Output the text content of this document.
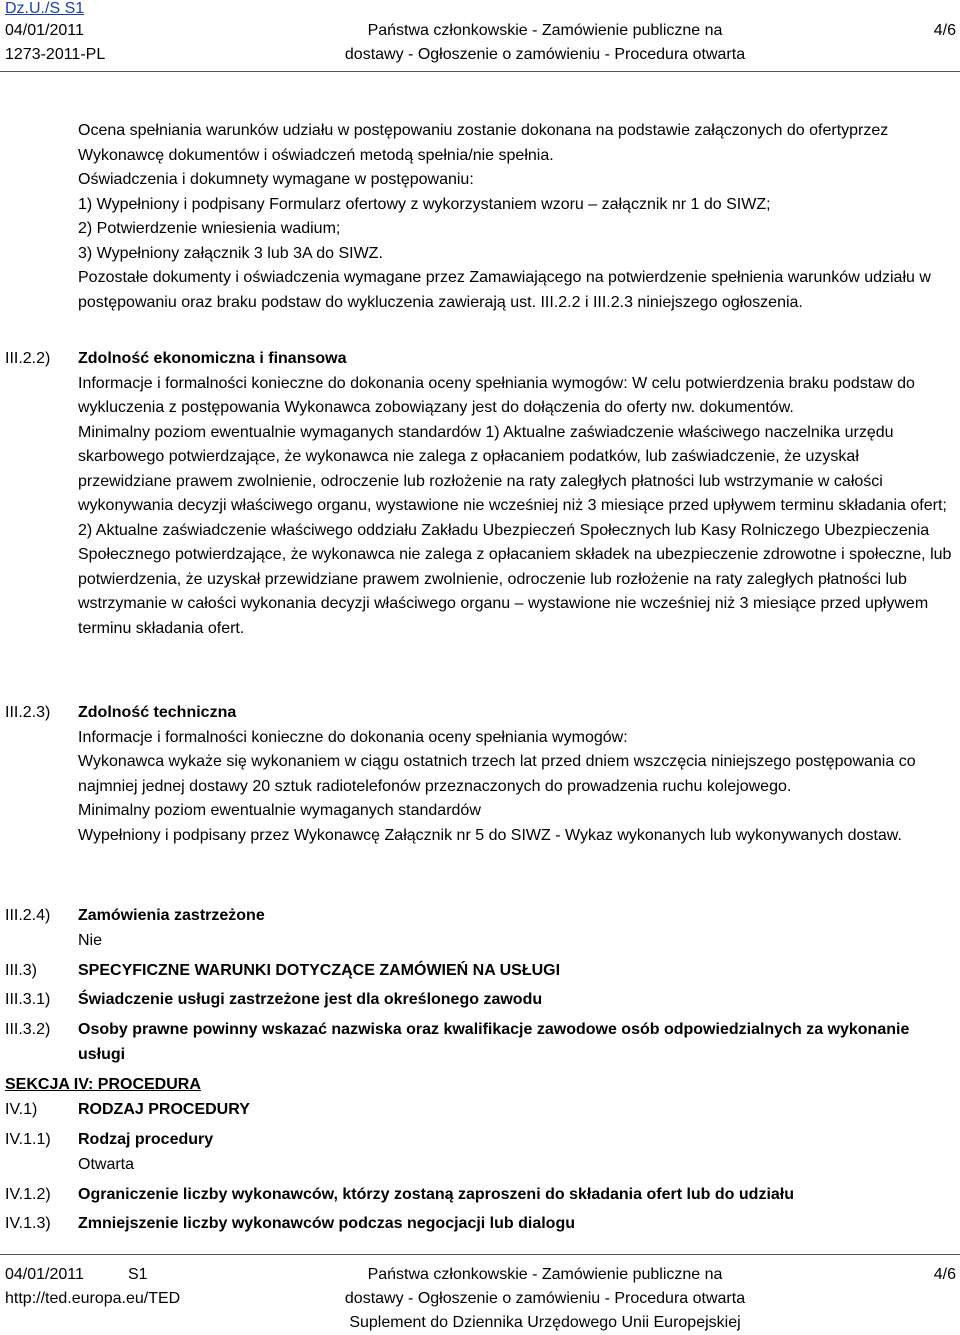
Dz.U./S S1
04/01/2011
1273-2011-PL
Państwa członkowskie - Zamówienie publiczne na
dostawy - Ogłoszenie o zamówieniu - Procedura otwarta
4/6

Ocena spełniania warunków udziału w postępowaniu zostanie dokonana na podstawie załączonych do ofertyprzez Wykonawcę dokumentów i oświadczeń metodą spełnia/nie spełnia.

Oświadczenia i dokumnety wymagane w postępowaniu:

1) Wypełniony i podpisany Formularz ofertowy z wykorzystaniem wzoru – załącznik nr 1 do SIWZ;

2) Potwierdzenie wniesienia wadium;

3) Wypełniony załącznik 3 lub 3A do SIWZ.

Pozostałe dokumenty i oświadczenia wymagane przez Zamawiającego na potwierdzenie spełnienia warunków udziału w postępowaniu oraz braku podstaw do wykluczenia zawierają ust. III.2.2 i III.2.3 niniejszego ogłoszenia.

III.2.2) Zdolność ekonomiczna i finansowa

Informacje i formalności konieczne do dokonania oceny spełniania wymogów: W celu potwierdzenia braku podstaw do wykluczenia z postępowania Wykonawca zobowiązany jest do dołączenia do oferty nw. dokumentów.

Minimalny poziom ewentualnie wymaganych standardów 1) Aktualne zaświadczenie właściwego naczelnika urzędu skarbowego potwierdzające, że wykonawca nie zalega z opłacaniem podatków, lub zaświadczenie, że uzyskał przewidziane prawem zwolnienie, odroczenie lub rozłożenie na raty zaległych płatności lub wstrzymanie w całości wykonywania decyzji właściwego organu, wystawione nie wcześniej niż 3 miesiące przed upływem terminu składania ofert;

2) Aktualne zaświadczenie właściwego oddziału Zakładu Ubezpieczeń Społecznych lub Kasy Rolniczego Ubezpieczenia Społecznego potwierdzające, że wykonawca nie zalega z opłacaniem składek na ubezpieczenie zdrowotne i społeczne, lub potwierdzenia, że uzyskał przewidziane prawem zwolnienie, odroczenie lub rozłożenie na raty zaległych płatności lub wstrzymanie w całości wykonania decyzji właściwego organu – wystawione nie wcześniej niż 3 miesiące przed upływem terminu składania ofert.

III.2.3) Zdolność techniczna

Informacje i formalności konieczne do dokonania oceny spełniania wymogów:

Wykonawca wykaże się wykonaniem w ciągu ostatnich trzech lat przed dniem wszczęcia niniejszego postępowania co najmniej jednej dostawy 20 sztuk radiotelefonów przeznaczonych do prowadzenia ruchu kolejowego.

Minimalny poziom ewentualnie wymaganych standardów

Wypełniony i podpisany przez Wykonawcę Załącznik nr 5 do SIWZ - Wykaz wykonanych lub wykonywanych dostaw.

III.2.4) Zamówienia zastrzeżone

Nie

III.3)	SPECYFICZNE WARUNKI DOTYCZĄCE ZAMÓWIEŃ NA USŁUGI

III.3.1) Świadczenie usługi zastrzeżone jest dla określonego zawodu

III.3.2) Osoby prawne powinny wskazać nazwiska oraz kwalifikacje zawodowe osób odpowiedzialnych za wykonanie usługi

SEKCJA IV: PROCEDURA
IV.1)	RODZAJ PROCEDURY

IV.1.1) Rodzaj procedury

Otwarta

IV.1.2) Ograniczenie liczby wykonawców, którzy zostaną zaproszeni do składania ofert lub do udziału

IV.1.3) Zmniejszenie liczby wykonawców podczas negocjacji lub dialogu

04/01/2011	S1
http://ted.europa.eu/TED
Państwa członkowskie - Zamówienie publiczne na
dostawy - Ogłoszenie o zamówieniu - Procedura otwarta
Suplement do Dziennika Urzędowego Unii Europejskiej
4/6
